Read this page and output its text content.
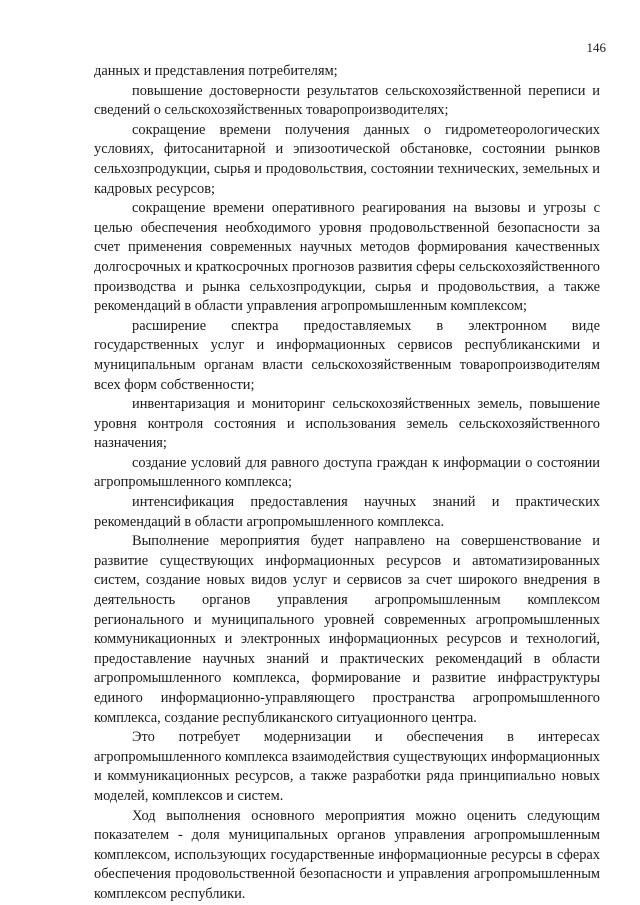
146

данных и представления потребителям;

повышение достоверности результатов сельскохозяйственной переписи и сведений о сельскохозяйственных товаропроизводителях;

сокращение времени получения данных о гидрометеорологических условиях, фитосанитарной и эпизоотической обстановке, состоянии рынков сельхозпродукции, сырья и продовольствия, состоянии технических, земельных и кадровых ресурсов;

сокращение времени оперативного реагирования на вызовы и угрозы с целью обеспечения необходимого уровня продовольственной безопасности за счет применения современных научных методов формирования качественных долгосрочных и краткосрочных прогнозов развития сферы сельскохозяйственного производства и рынка сельхозпродукции, сырья и продовольствия, а также рекомендаций в области управления агропромышленным комплексом;

расширение спектра предоставляемых в электронном виде государственных услуг и информационных сервисов республиканскими и муниципальным органам власти сельскохозяйственным товаропроизводителям всех форм собственности;

инвентаризация и мониторинг сельскохозяйственных земель, повышение уровня контроля состояния и использования земель сельскохозяйственного назначения;

создание условий для равного доступа граждан к информации о состоянии агропромышленного комплекса;

интенсификация предоставления научных знаний и практических рекомендаций в области агропромышленного комплекса.

Выполнение мероприятия будет направлено на совершенствование и развитие существующих информационных ресурсов и автоматизированных систем, создание новых видов услуг и сервисов за счет широкого внедрения в деятельность органов управления агропромышленным комплексом регионального и муниципального уровней современных агропромышленных коммуникационных и электронных информационных ресурсов и технологий, предоставление научных знаний и практических рекомендаций в области агропромышленного комплекса, формирование и развитие инфраструктуры единого информационно-управляющего пространства агропромышленного комплекса, создание республиканского ситуационного центра.

Это потребует модернизации и обеспечения в интересах агропромышленного комплекса взаимодействия существующих информационных и коммуникационных ресурсов, а также разработки ряда принципиально новых моделей, комплексов и систем.

Ход выполнения основного мероприятия можно оценить следующим показателем - доля муниципальных органов управления агропромышленным комплексом, использующих государственные информационные ресурсы в сферах обеспечения продовольственной безопасности и управления агропромышленным комплексом республики.
